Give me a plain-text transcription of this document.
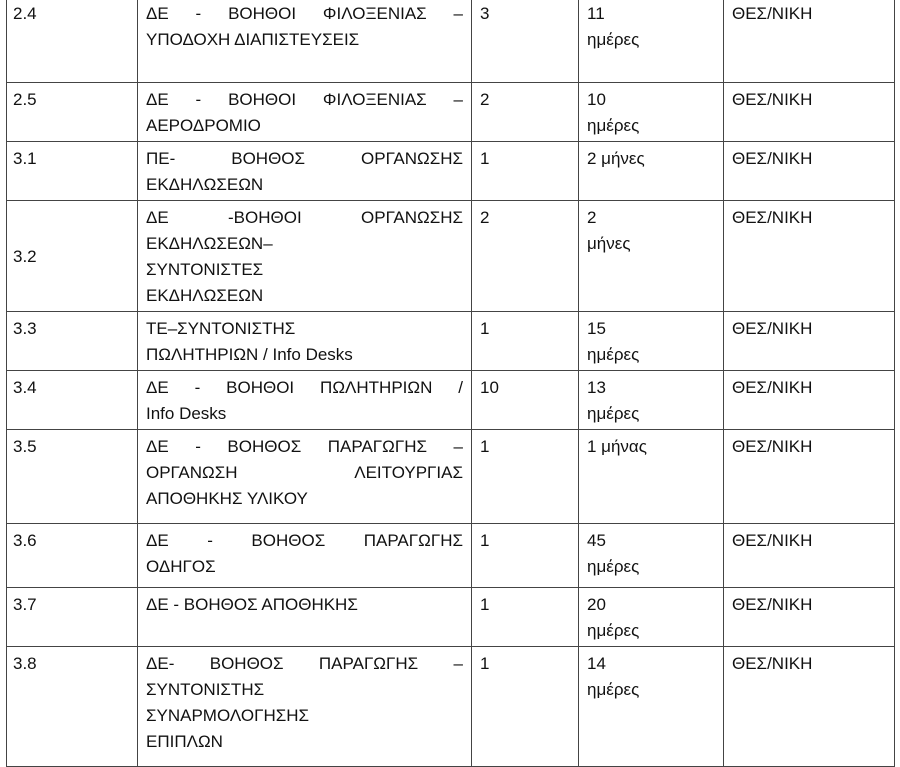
2.4	ΔΕ - ΒΟΗΘΟΙ ΦΙΛΟΞΕΝΙΑΣ –
ΥΠΟΔΟΧΗ ΔΙΑΠΙΣΤΕΥΣΕΙΣ	3	11
ημέρες	ΘΕΣ/ΝΙΚΗ
2.5	ΔΕ - ΒΟΗΘΟΙ ΦΙΛΟΞΕΝΙΑΣ –
ΑΕΡΟΔΡΟΜΙΟ	2	10
ημέρες	ΘΕΣ/ΝΙΚΗ
3.1	ΠΕ- ΒΟΗΘΟΣ ΟΡΓΑΝΩΣΗΣ
ΕΚΔΗΛΩΣΕΩΝ	1	2 μήνες	ΘΕΣ/ΝΙΚΗ
3.2	ΔΕ -ΒΟΗΘΟΙ ΟΡΓΑΝΩΣΗΣ
ΕΚΔΗΛΩΣΕΩΝ–
ΣΥΝΤΟΝΙΣΤΕΣ
ΕΚΔΗΛΩΣΕΩΝ	2	2
μήνες	ΘΕΣ/ΝΙΚΗ
3.3	ΤΕ–ΣΥΝΤΟΝΙΣΤΗΣ
ΠΩΛΗΤΗΡΙΩΝ / Info Desks	1	15
ημέρες	ΘΕΣ/ΝΙΚΗ
3.4	ΔΕ - ΒΟΗΘΟΙ ΠΩΛΗΤΗΡΙΩΝ /
Info Desks	10	13
ημέρες	ΘΕΣ/ΝΙΚΗ
3.5	ΔΕ - ΒΟΗΘΟΣ ΠΑΡΑΓΩΓΗΣ –
ΟΡΓΑΝΩΣΗ ΛΕΙΤΟΥΡΓΙΑΣ
ΑΠΟΘΗΚΗΣ ΥΛΙΚΟΥ	1	1 μήνας	ΘΕΣ/ΝΙΚΗ
3.6	ΔΕ - ΒΟΗΘΟΣ ΠΑΡΑΓΩΓΗΣ
ΟΔΗΓΟΣ	1	45
ημέρες	ΘΕΣ/ΝΙΚΗ
3.7	ΔΕ - ΒΟΗΘΟΣ ΑΠΟΘΗΚΗΣ	1	20
ημέρες	ΘΕΣ/ΝΙΚΗ
3.8	ΔΕ- ΒΟΗΘΟΣ ΠΑΡΑΓΩΓΗΣ –
ΣΥΝΤΟΝΙΣΤΗΣ
ΣΥΝΑΡΜΟΛΟΓΗΣΗΣ
ΕΠΙΠΛΩΝ	1	14
ημέρες	ΘΕΣ/ΝΙΚΗ
